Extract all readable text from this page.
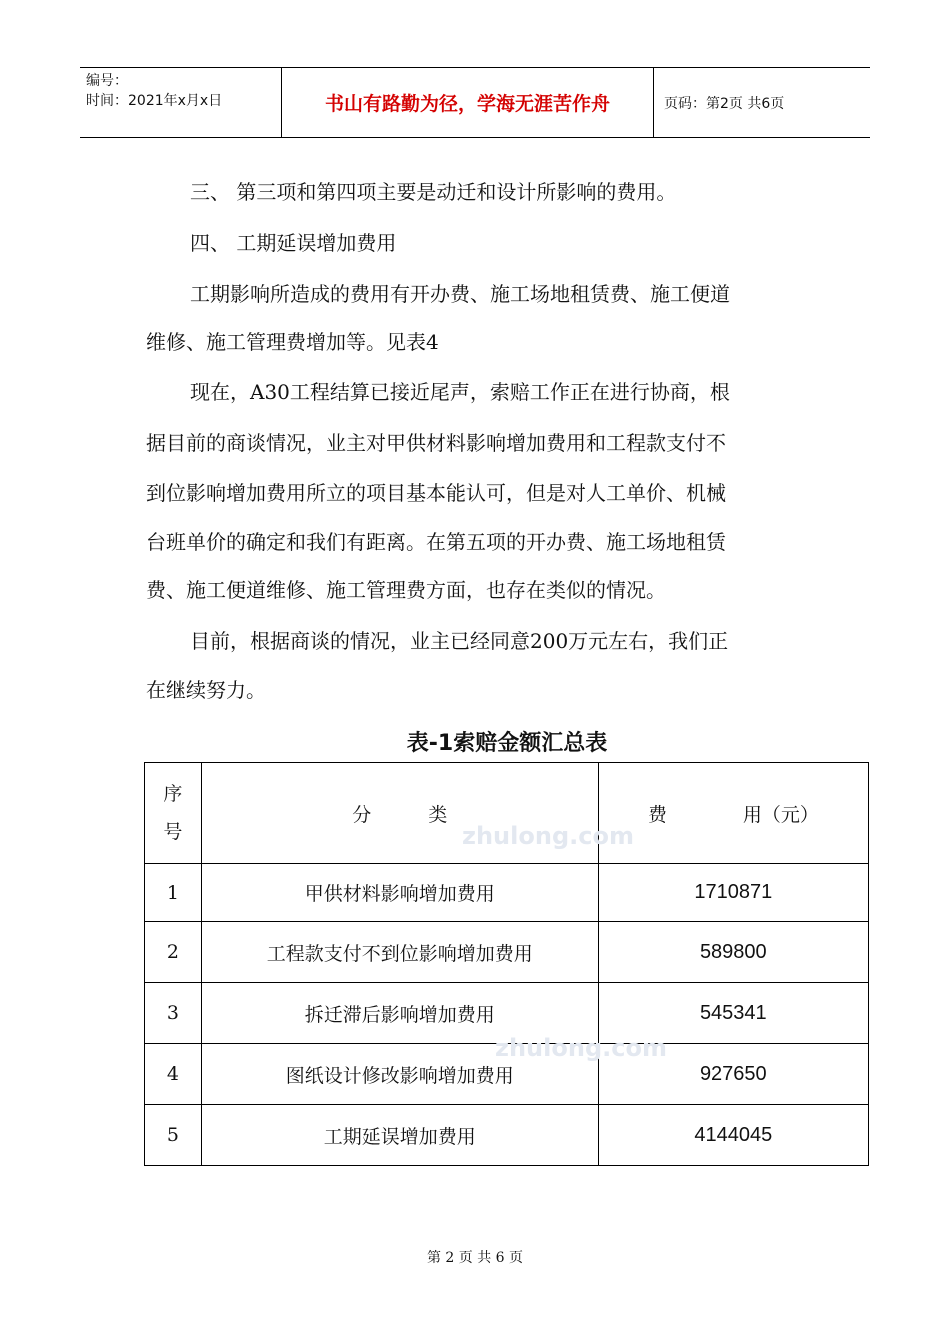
编号：
时间：2021年x月x日	书山有路勤为径，学海无涯苦作舟	页码：第2页 共6页
三、 第三项和第四项主要是动迁和设计所影响的费用。
四、 工期延误增加费用
工期影响所造成的费用有开办费、施工场地租赁费、施工便道
维修、施工管理费增加等。见表4
现在，A30工程结算已接近尾声，索赔工作正在进行协商，根
据目前的商谈情况，业主对甲供材料影响增加费用和工程款支付不
到位影响增加费用所立的项目基本能认可，但是对人工单价、机械
台班单价的确定和我们有距离。在第五项的开办费、施工场地租赁
费、施工便道维修、施工管理费方面，也存在类似的情况。
目前，根据商谈的情况，业主已经同意200万元左右，我们正
在继续努力。
表-1索赔金额汇总表
序
号	分　　　类	费　　　　用（元）
1	甲供材料影响增加费用	1710871
2	工程款支付不到位影响增加费用	589800
3	拆迁滞后影响增加费用	545341
4	图纸设计修改影响增加费用	927650
5	工期延误增加费用	4144045
zhulong.com
zhulong.com
第 2 页 共 6 页
